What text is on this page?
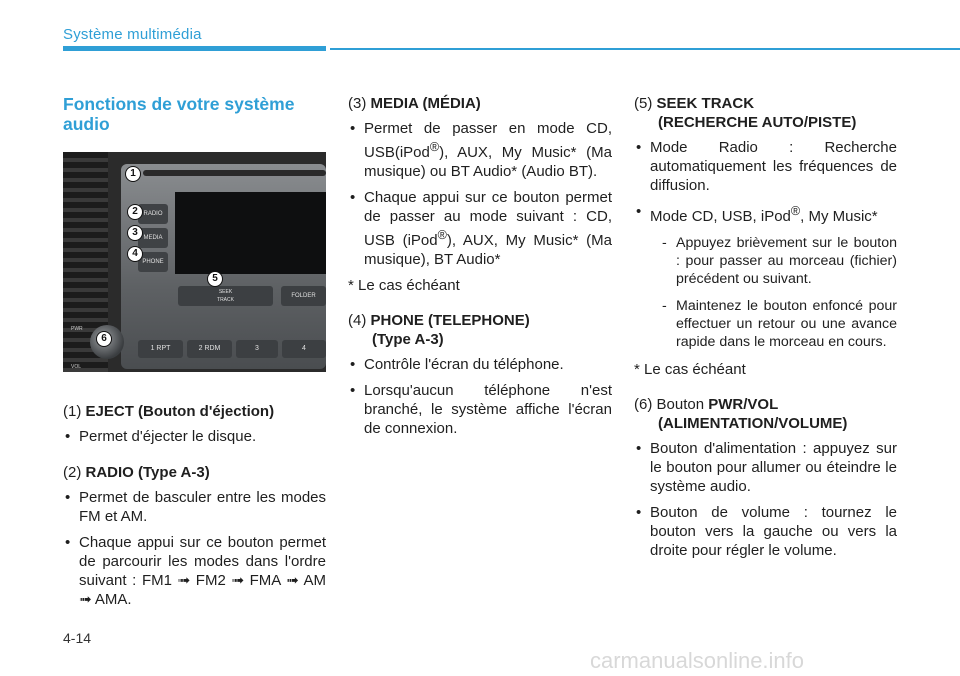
Système multimédia
Fonctions de votre système audio
RADIO
MEDIA
PHONE
SEEK
TRACK
FOLDER
1 RPT	2 RDM	3	4
PWR
VOL
1
2
3
4
5
6
(1) EJECT (Bouton d'éjection)
• Permet d'éjecter le disque.
(2) RADIO (Type A-3)
• Permet de basculer entre les modes FM et AM.
• Chaque appui sur ce bouton permet de parcourir les modes dans l'ordre suivant : FM1 ➟ FM2 ➟ FMA ➟ AM ➟ AMA.
(3) MEDIA (MÉDIA)
• Permet de passer en mode CD, USB(iPod®), AUX, My Music* (Ma musique) ou BT Audio* (Audio BT).
• Chaque appui sur ce bouton permet de passer au mode suivant : CD, USB (iPod®), AUX, My Music* (Ma musique), BT Audio*
* Le cas échéant
(4) PHONE (TELEPHONE)
(Type A-3)
• Contrôle l'écran du téléphone.
• Lorsqu'aucun téléphone n'est branché, le système affiche l'écran de connexion.
(5) SEEK TRACK
(RECHERCHE AUTO/PISTE)
• Mode Radio : Recherche automatiquement les fréquences de diffusion.
• Mode CD, USB, iPod®, My Music*
- Appuyez brièvement sur le bouton : pour passer au morceau (fichier) précédent ou suivant.
- Maintenez le bouton enfoncé pour effectuer un retour ou une avance rapide dans le morceau en cours.
* Le cas échéant
(6) Bouton PWR/VOL
(ALIMENTATION/VOLUME)
• Bouton d'alimentation : appuyez sur le bouton pour allumer ou éteindre le système audio.
• Bouton de volume : tournez le bouton vers la gauche ou vers la droite pour régler le volume.
4-14
carmanualsonline.info
